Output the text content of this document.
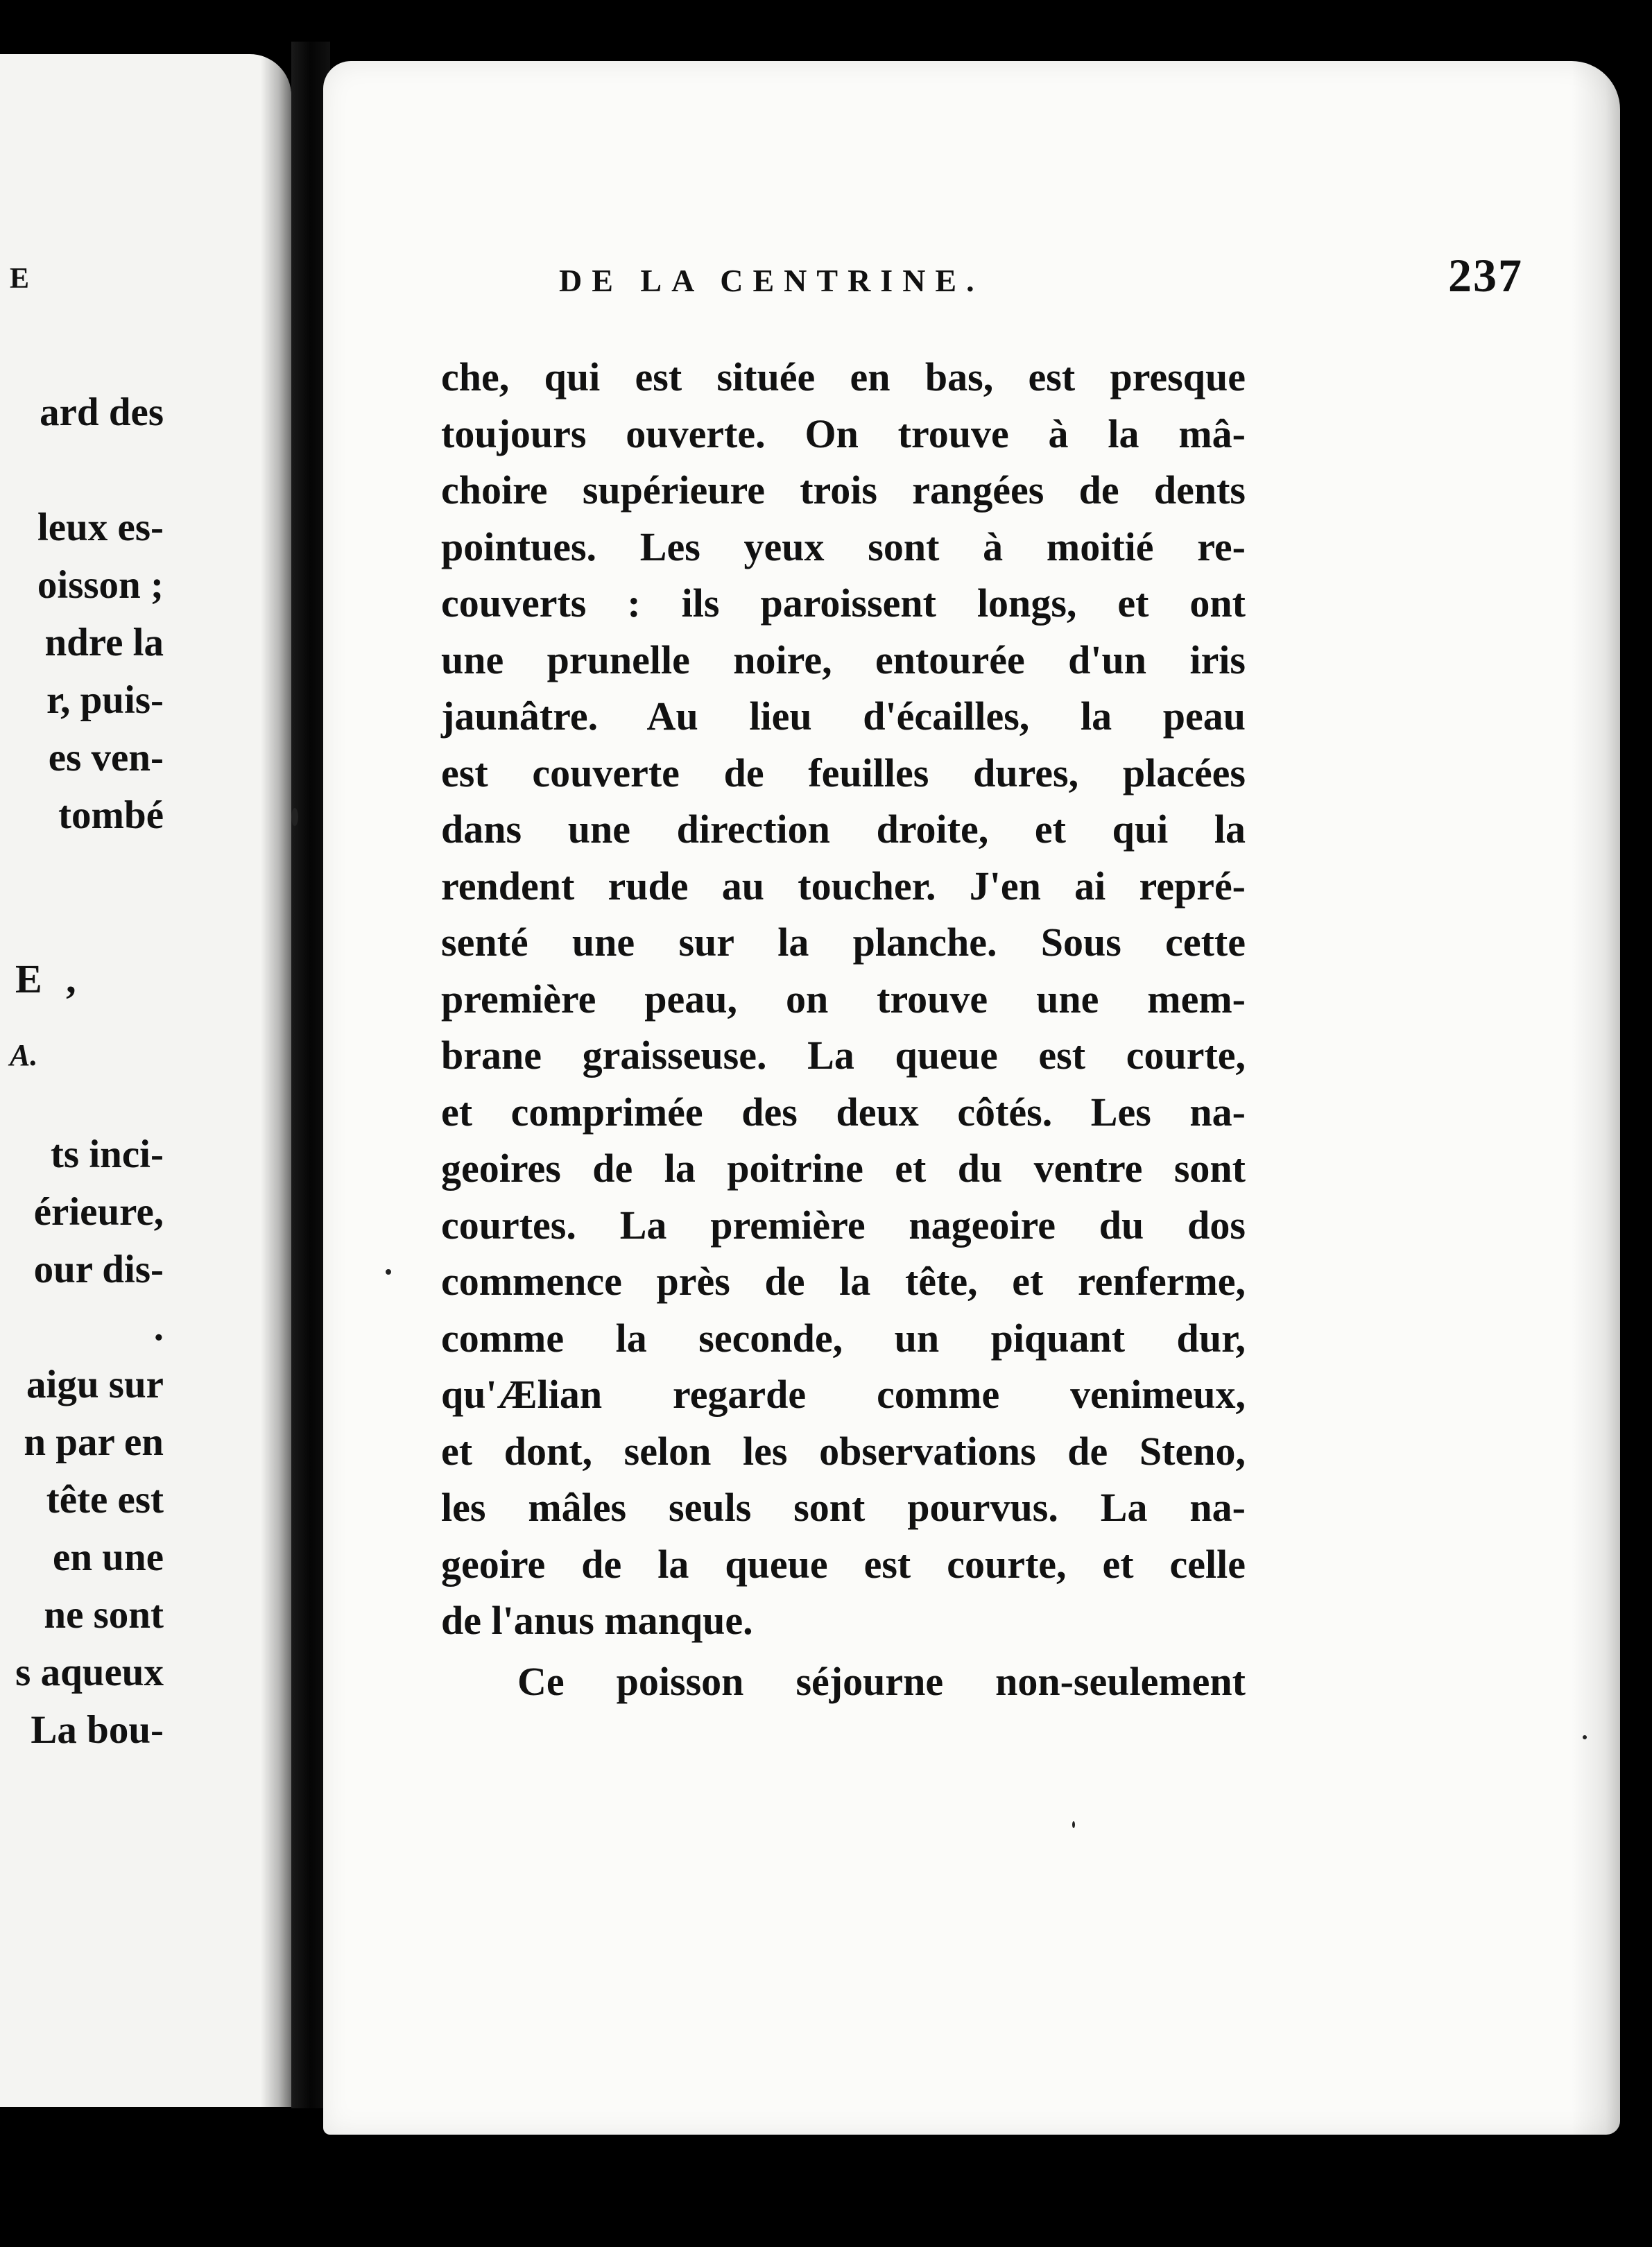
E
ard des
leux es-
oisson ;
ndre la
r, puis-
es ven-
tombé
E ,
A.
ts inci-
érieure,
our dis-
.
aigu sur
n par en
tête est
en une
ne sont
s aqueux
La bou-
DE LA CENTRINE.	237
che, qui est située en bas, est presque
toujours ouverte. On trouve à la mâ-
choire supérieure trois rangées de dents
pointues. Les yeux sont à moitié re-
couverts : ils paroissent longs, et ont
une prunelle noire, entourée d'un iris
jaunâtre. Au lieu d'écailles, la peau
est couverte de feuilles dures, placées
dans une direction droite, et qui la
rendent rude au toucher. J'en ai repré-
senté une sur la planche. Sous cette
première peau, on trouve une mem-
brane graisseuse. La queue est courte,
et comprimée des deux côtés. Les na-
geoires de la poitrine et du ventre sont
courtes. La première nageoire du dos
commence près de la tête, et renferme,
comme la seconde, un piquant dur,
qu'Ælian regarde comme venimeux,
et dont, selon les observations de Steno,
les mâles seuls sont pourvus. La na-
geoire de la queue est courte, et celle
de l'anus manque.
Ce poisson séjourne non-seulement
